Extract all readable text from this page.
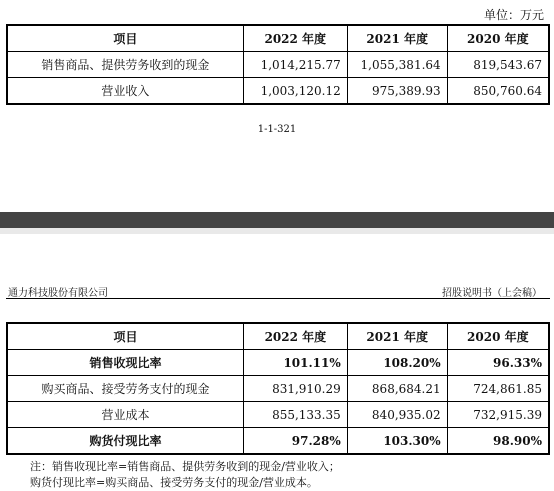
单位：万元
项目	2022 年度	2021 年度	2020 年度
销售商品、提供劳务收到的现金	1,014,215.77	1,055,381.64	819,543.67
营业收入	1,003,120.12	975,389.93	850,760.64
1-1-321
通力科技股份有限公司	招股说明书（上会稿）
项目	2022 年度	2021 年度	2020 年度
销售收现比率	101.11%	108.20%	96.33%
购买商品、接受劳务支付的现金	831,910.29	868,684.21	724,861.85
营业成本	855,133.35	840,935.02	732,915.39
购货付现比率	97.28%	103.30%	98.90%
注：销售收现比率=销售商品、提供劳务收到的现金/营业收入；
购货付现比率=购买商品、接受劳务支付的现金/营业成本。
